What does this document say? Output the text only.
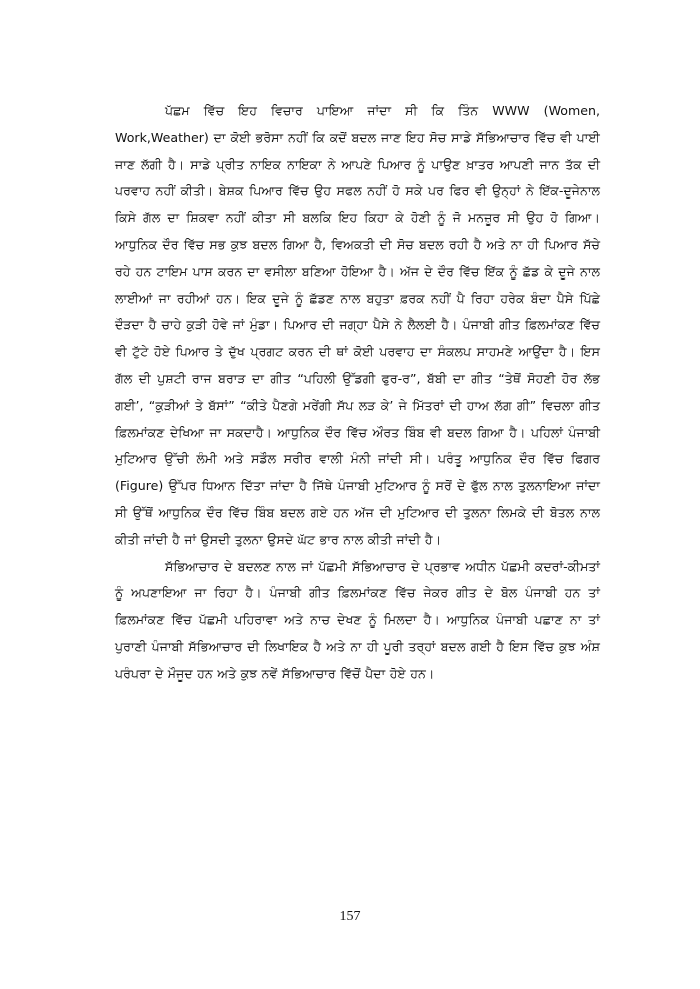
ਪੱਛਮ ਵਿੱਚ ਇਹ ਵਿਚਾਰ ਪਾਇਆ ਜਾਂਦਾ ਸੀ ਕਿ ਤਿੰਨ WWW (Women, Work,Weather) ਦਾ ਕੋਈ ਭਰੋਸਾ ਨਹੀਂ ਕਿ ਕਦੋਂ ਬਦਲ ਜਾਣ ਇਹ ਸੋਚ ਸਾਡੇ ਸੱਭਿਆਚਾਰ ਵਿੱਚ ਵੀ ਪਾਈ ਜਾਣ ਲੱਗੀ ਹੈ। ਸਾਡੇ ਪ੍ਰੀਤ ਨਾਇਕ ਨਾਇਕਾ ਨੇ ਆਪਣੇ ਪਿਆਰ ਨੂੰ ਪਾਉਣ ਖ਼ਾਤਰ ਆਪਣੀ ਜਾਨ ਤੱਕ ਦੀ ਪਰਵਾਹ ਨਹੀਂ ਕੀਤੀ। ਬੇਸ਼ਕ ਪਿਆਰ ਵਿੱਚ ਉਹ ਸਫਲ ਨਹੀਂ ਹੋ ਸਕੇ ਪਰ ਫਿਰ ਵੀ ਉਨ੍ਹਾਂ ਨੇ ਇੱਕ-ਦੂਜੇਨਾਲ ਕਿਸੇ ਗੱਲ ਦਾ ਸ਼ਿਕਵਾ ਨਹੀਂ ਕੀਤਾ ਸੀ ਬਲਕਿ ਇਹ ਕਿਹਾ ਕੇ ਹੋਣੀ ਨੂੰ ਜੋ ਮਨਜ਼ੂਰ ਸੀ ਉਹ ਹੋ ਗਿਆ। ਆਧੁਨਿਕ ਦੌਰ ਵਿੱਚ ਸਭ ਕੁਝ ਬਦਲ ਗਿਆ ਹੈ, ਵਿਅਕਤੀ ਦੀ ਸੋਚ ਬਦਲ ਰਹੀ ਹੈ ਅਤੇ ਨਾ ਹੀ ਪਿਆਰ ਸੱਚੇ ਰਹੇ ਹਨ ਟਾਇਮ ਪਾਸ ਕਰਨ ਦਾ ਵਸੀਲਾ ਬਣਿਆ ਹੋਇਆ ਹੈ। ਅੱਜ ਦੇ ਦੌਰ ਵਿੱਚ ਇੱਕ ਨੂੰ ਛੱਡ ਕੇ ਦੂਜੇ ਨਾਲ ਲਾਈਆਂ ਜਾ ਰਹੀਆਂ ਹਨ। ਇਕ ਦੂਜੇ ਨੂੰ ਛੱਡਣ ਨਾਲ ਬਹੁਤਾ ਫ਼ਰਕ ਨਹੀਂ ਪੈ ਰਿਹਾ ਹਰੇਕ ਬੰਦਾ ਪੈਸੇ ਪਿੱਛੇ ਦੌੜਦਾ ਹੈ ਚਾਹੇ ਕੁੜੀ ਹੋਵੇ ਜਾਂ ਮੁੰਡਾ। ਪਿਆਰ ਦੀ ਜਗ੍ਹਾ ਪੈਸੇ ਨੇ ਲੈਲਈ ਹੈ। ਪੰਜਾਬੀ ਗੀਤ ਫ਼ਿਲਮਾਂਕਣ ਵਿੱਚ ਵੀ ਟੁੱਟੇ ਹੋਏ ਪਿਆਰ ਤੇ ਦੁੱਖ ਪ੍ਰਗਟ ਕਰਨ ਦੀ ਥਾਂ ਕੋਈ ਪਰਵਾਹ ਦਾ ਸੰਕਲਪ ਸਾਹਮਣੇ ਆਉਂਦਾ ਹੈ। ਇਸ ਗੱਲ ਦੀ ਪੁਸ਼ਟੀ ਰਾਜ ਬਰਾੜ ਦਾ ਗੀਤ “ਪਹਿਲੀ ਉੱਡਗੀ ਫੁਰ-ਰ”, ਬੱਬੀ ਦਾ ਗੀਤ “ਤੇਥੋਂ ਸੋਹਣੀ ਹੋਰ ਲੱਭ ਗਈ’, “ਕੁੜੀਆਂ ਤੇ ਬੱਸਾਂ” “ਕੀਤੇ ਪੈਣਗੇ ਮਰੇਂਗੀ ਸੱਪ ਲੜ ਕੇ’ ਜੇ ਮਿੱਤਰਾਂ ਦੀ ਹਾਅ ਲੱਗ ਗੀ” ਵਿਚਲਾ ਗੀਤ ਫ਼ਿਲਮਾਂਕਣ ਦੇਖਿਆ ਜਾ ਸਕਦਾਹੈ। ਆਧੁਨਿਕ ਦੌਰ ਵਿੱਚ ਔਰਤ ਬਿੰਬ ਵੀ ਬਦਲ ਗਿਆ ਹੈ। ਪਹਿਲਾਂ ਪੰਜਾਬੀ ਮੁਟਿਆਰ ਉੱਚੀ ਲੰਮੀ ਅਤੇ ਸਡੌਲ ਸਰੀਰ ਵਾਲੀ ਮੰਨੀ ਜਾਂਦੀ ਸੀ। ਪਰੰਤੂ ਆਧੁਨਿਕ ਦੌਰ ਵਿੱਚ ਫਿਗਰ (Figure) ਉੱਪਰ ਧਿਆਨ ਦਿੱਤਾ ਜਾਂਦਾ ਹੈ ਜਿੱਥੇ ਪੰਜਾਬੀ ਮੁਟਿਆਰ ਨੂੰ ਸਰੋਂ ਦੇ ਫੁੱਲ ਨਾਲ ਤੁਲਨਾਇਆ ਜਾਂਦਾ ਸੀ ਉੱਥੋਂ ਆਧੁਨਿਕ ਦੌਰ ਵਿੱਚ ਬਿੰਬ ਬਦਲ ਗਏ ਹਨ ਅੱਜ ਦੀ ਮੁਟਿਆਰ ਦੀ ਤੁਲਨਾ ਲਿਮਕੇ ਦੀ ਬੋਤਲ ਨਾਲ ਕੀਤੀ ਜਾਂਦੀ ਹੈ ਜਾਂ ਉਸਦੀ ਤੁਲਨਾ ਉਸਦੇ ਘੱਟ ਭਾਰ ਨਾਲ ਕੀਤੀ ਜਾਂਦੀ ਹੈ।

ਸੱਭਿਆਚਾਰ ਦੇ ਬਦਲਣ ਨਾਲ ਜਾਂ ਪੱਛਮੀ ਸੱਭਿਆਚਾਰ ਦੇ ਪ੍ਰਭਾਵ ਅਧੀਨ ਪੱਛਮੀ ਕਦਰਾਂ-ਕੀਮਤਾਂ ਨੂੰ ਅਪਣਾਇਆ ਜਾ ਰਿਹਾ ਹੈ। ਪੰਜਾਬੀ ਗੀਤ ਫ਼ਿਲਮਾਂਕਣ ਵਿੱਚ ਜੇਕਰ ਗੀਤ ਦੇ ਬੋਲ ਪੰਜਾਬੀ ਹਨ ਤਾਂ ਫ਼ਿਲਮਾਂਕਣ ਵਿੱਚ ਪੱਛਮੀ ਪਹਿਰਾਵਾ ਅਤੇ ਨਾਚ ਦੇਖਣ ਨੂੰ ਮਿਲਦਾ ਹੈ। ਆਧੁਨਿਕ ਪੰਜਾਬੀ ਪਛਾਣ ਨਾ ਤਾਂ ਪੁਰਾਣੀ ਪੰਜਾਬੀ ਸੱਭਿਆਚਾਰ ਦੀ ਲਿਖਾਇਕ ਹੈ ਅਤੇ ਨਾ ਹੀ ਪੂਰੀ ਤਰ੍ਹਾਂ ਬਦਲ ਗਈ ਹੈ ਇਸ ਵਿੱਚ ਕੁਝ ਅੰਸ਼ ਪਰੰਪਰਾ ਦੇ ਮੌਜੂਦ ਹਨ ਅਤੇ ਕੁਝ ਨਵੇਂ ਸੱਭਿਆਚਾਰ ਵਿੱਚੋਂ ਪੈਦਾ ਹੋਏ ਹਨ।

157
